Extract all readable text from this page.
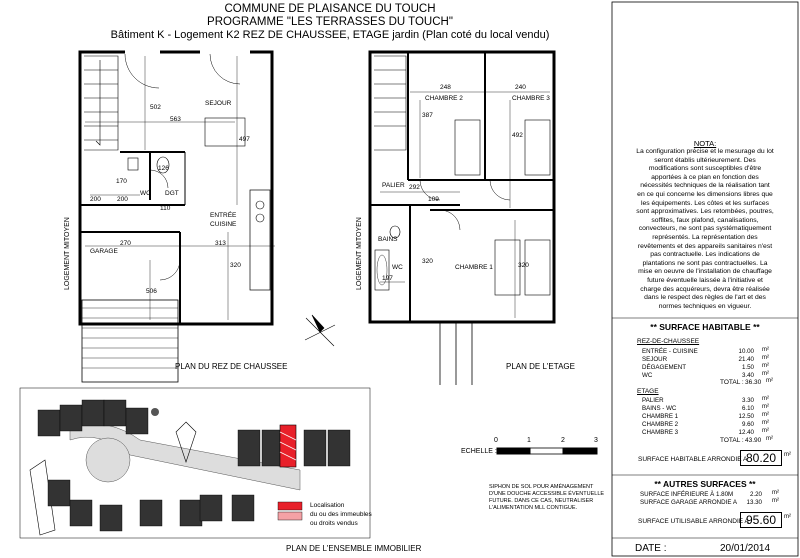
COMMUNE DE PLAISANCE DU TOUCH
PROGRAMME "LES TERRASSES DU TOUCH"
Bâtiment K - Logement K2 REZ DE CHAUSSEE, ETAGE jardin (Plan coté du local vendu)
SEJOUR
WC DGT
ENTRÉE
CUISINE
GARAGE
LOGEMENT MITOYEN
502
563
497
170
200 200
126
110
270	313
320
506
PLAN DU REZ DE CHAUSSEE
CHAMBRE 2	CHAMBRE 3
PALIER
BAINS
WC	CHAMBRE 1
LOGEMENT MITOYEN
248	240
387
492
292
109
320
197
320
PLAN DE L'ETAGE
NOTA:
La configuration précise et le mesurage du lot
seront établis ultérieurement. Des
modifications sont susceptibles d'être
apportées à ce plan en fonction des
nécessités techniques de la réalisation tant
en ce qui concerne les dimensions libres que
les équipements. Les côtes et les surfaces
sont approximatives. Les retombées, poutres,
soffites, faux plafond, canalisations,
convecteurs, ne sont pas systématiquement
représentés. La représentation des
revêtements et des appareils sanitaires n'est
pas contractuelle. Les indications de
plantations ne sont pas contractuelles. La
mise en oeuvre de l'installation de chauffage
future éventuelle laissée à l'initiative et
charge des acquéreurs, devra être réalisée
dans le respect des règles de l'art et des
normes techniques en vigueur.
** SURFACE HABITABLE **
REZ-DE-CHAUSSEE
ENTRÉE - CUISINE	10.00 m²
SEJOUR	21.40 m²
DÉGAGEMENT	1.50 m²
WC	3.40 m²
TOTAL : 36.30 m²
ETAGE
PALIER	3.30 m²
BAINS - WC	6.10 m²
CHAMBRE 1	12.50 m²
CHAMBRE 2	9.60 m²
CHAMBRE 3	12.40 m²
TOTAL : 43.90 m²
SURFACE HABITABLE ARRONDIE A
80.20	m²
** AUTRES SURFACES **
SURFACE INFÉRIEURE À 1.80M	2.20 m²
SURFACE GARAGE ARRONDIE A 13.30 m²
SURFACE UTILISABLE ARRONDIE A
95.60	m²
ECHELLE :
0	1	2	3
SIPHON DE SOL POUR AMÉNAGEMENT
D'UNE DOUCHE ACCESSIBLE ÉVENTUELLE
FUTURE. DANS CE CAS, NEUTRALISER
L'ALIMENTATION MLL CONTIGUE.
Localisation
du ou des immeubles
ou droits vendus
PLAN DE L'ENSEMBLE IMMOBILIER	DATE :	20/01/2014
